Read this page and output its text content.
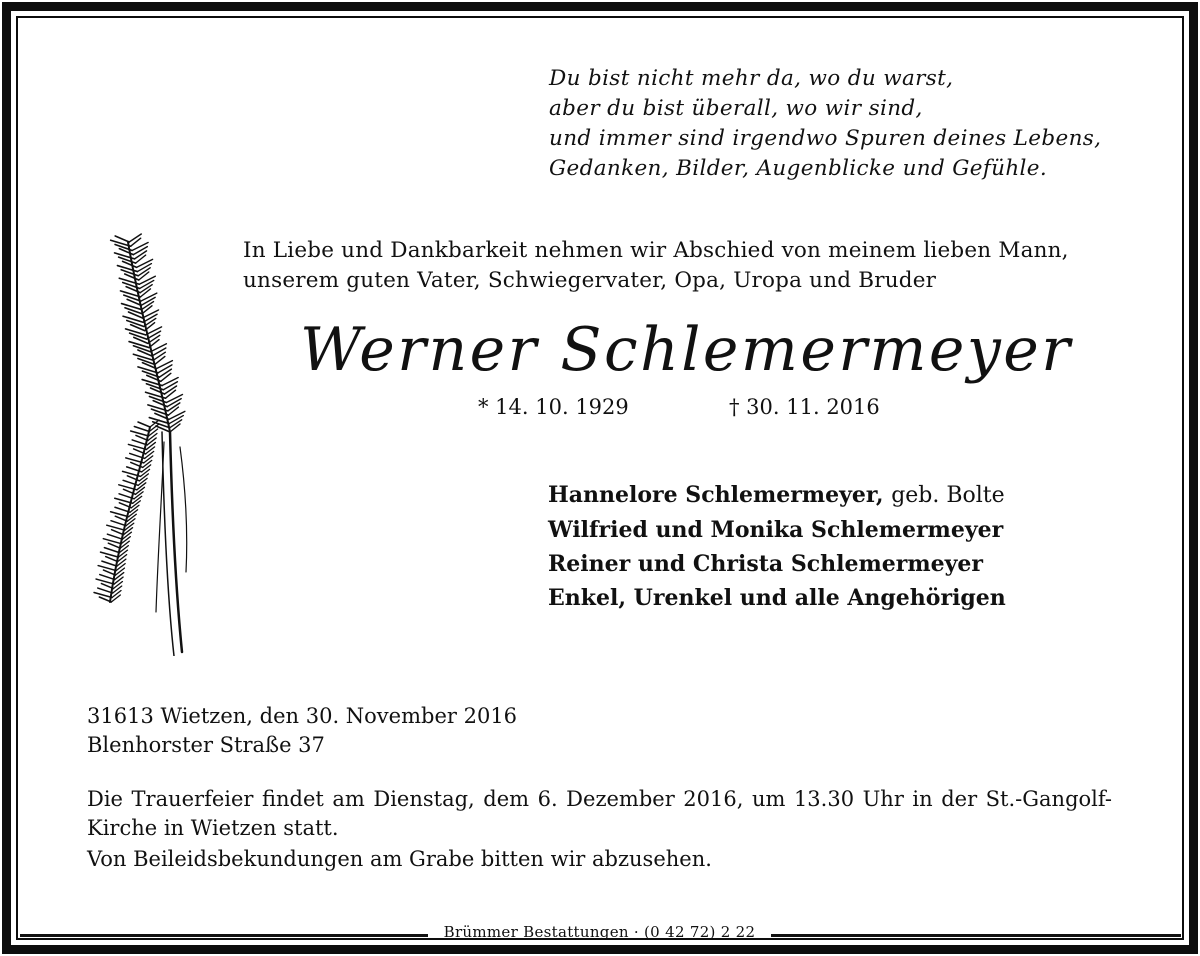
Du bist nicht mehr da, wo du warst,
aber du bist überall, wo wir sind,
und immer sind irgendwo Spuren deines Lebens,
Gedanken, Bilder, Augenblicke und Gefühle.
In Liebe und Dankbarkeit nehmen wir Abschied von meinem lieben Mann,
unserem guten Vater, Schwiegervater, Opa, Uropa und Bruder
Werner Schlemermeyer
* 14. 10. 1929	† 30. 11. 2016
Hannelore Schlemermeyer, geb. Bolte
Wilfried und Monika Schlemermeyer
Reiner und Christa Schlemermeyer
Enkel, Urenkel und alle Angehörigen
31613 Wietzen, den 30. November 2016
Blenhorster Straße 37
Die Trauerfeier findet am Dienstag, dem 6. Dezember 2016, um 13.30 Uhr in der St.-Gangolf-Kirche in Wietzen statt.
Von Beileidsbekundungen am Grabe bitten wir abzusehen.
Brümmer Bestattungen · (0 42 72) 2 22
